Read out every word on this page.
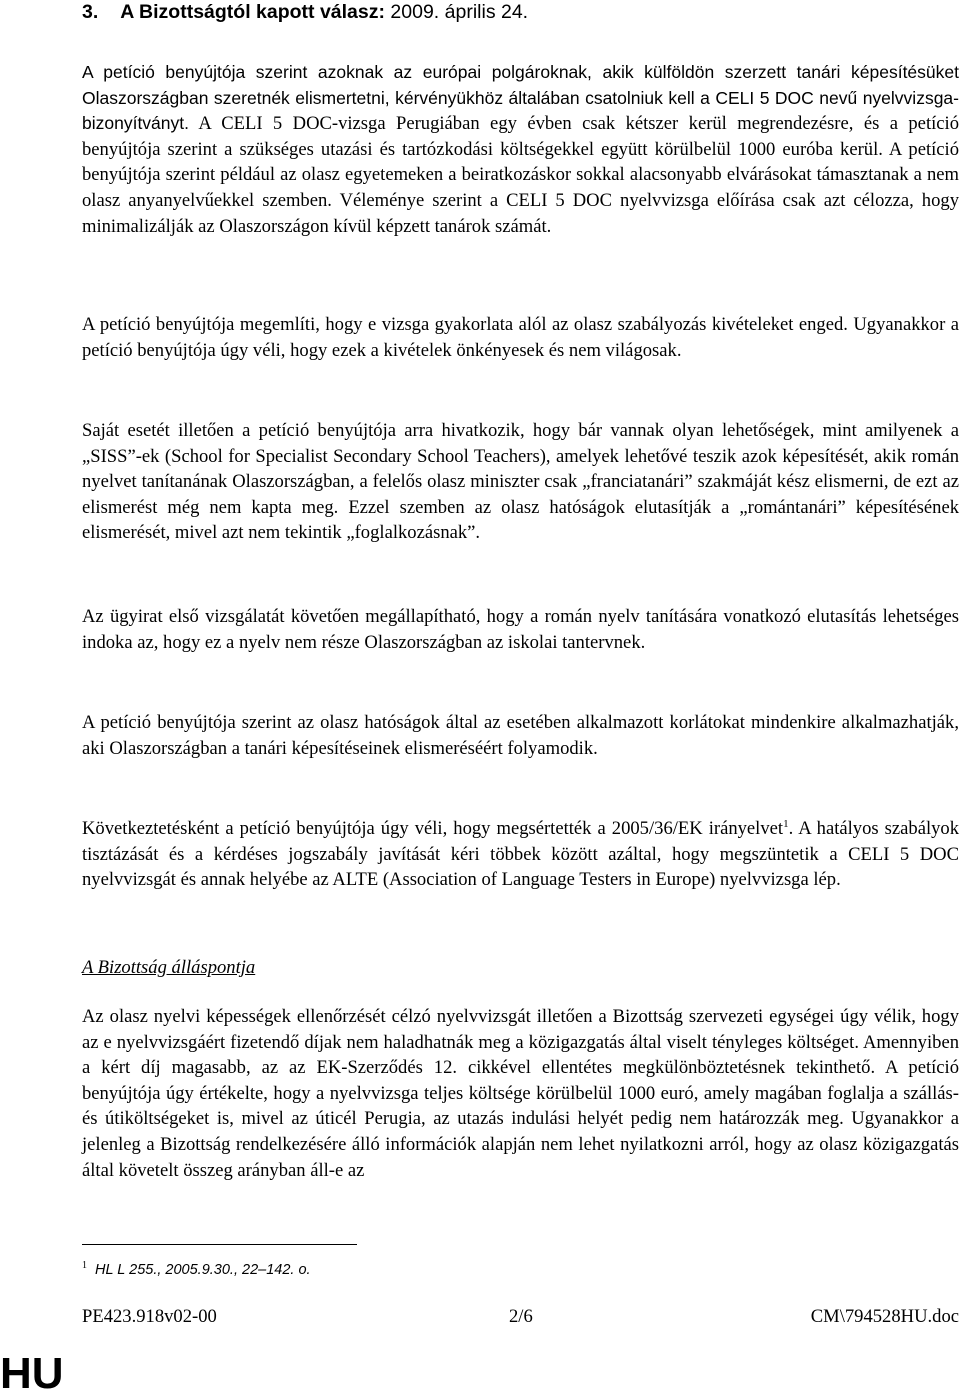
3. A Bizottságtól kapott válasz: 2009. április 24.

A petíció benyújtója szerint azoknak az európai polgároknak, akik külföldön szerzett tanári képesítésüket Olaszországban szeretnék elismertetni, kérvényükhöz általában csatolniuk kell a CELI 5 DOC nevű nyelvvizsga-bizonyítványt. A CELI 5 DOC-vizsga Perugiában egy évben csak kétszer kerül megrendezésre, és a petíció benyújtója szerint a szükséges utazási és tartózkodási költségekkel együtt körülbelül 1000 euróba kerül. A petíció benyújtója szerint például az olasz egyetemeken a beiratkozáskor sokkal alacsonyabb elvárásokat támasztanak a nem olasz anyanyelvűekkel szemben. Véleménye szerint a CELI 5 DOC nyelvvizsga előírása csak azt célozza, hogy minimalizálják az Olaszországon kívül képzett tanárok számát.

A petíció benyújtója megemlíti, hogy e vizsga gyakorlata alól az olasz szabályozás kivételeket enged. Ugyanakkor a petíció benyújtója úgy véli, hogy ezek a kivételek önkényesek és nem világosak.

Saját esetét illetően a petíció benyújtója arra hivatkozik, hogy bár vannak olyan lehetőségek, mint amilyenek a „SISS”-ek (School for Specialist Secondary School Teachers), amelyek lehetővé teszik azok képesítését, akik román nyelvet tanítanának Olaszországban, a felelős olasz miniszter csak „franciatanári” szakmáját kész elismerni, de ezt az elismerést még nem kapta meg. Ezzel szemben az olasz hatóságok elutasítják a „romántanári” képesítésének elismerését, mivel azt nem tekintik „foglalkozásnak”.

Az ügyirat első vizsgálatát követően megállapítható, hogy a román nyelv tanítására vonatkozó elutasítás lehetséges indoka az, hogy ez a nyelv nem része Olaszországban az iskolai tantervnek.

A petíció benyújtója szerint az olasz hatóságok által az esetében alkalmazott korlátokat mindenkire alkalmazhatják, aki Olaszországban a tanári képesítéseinek elismeréséért folyamodik.

Következtetésként a petíció benyújtója úgy véli, hogy megsértették a 2005/36/EK irányelvet$^1$. A hatályos szabályok tisztázását és a kérdéses jogszabály javítását kéri többek között azáltal, hogy megszüntetik a CELI 5 DOC nyelvvizsgát és annak helyébe az ALTE (Association of Language Testers in Europe) nyelvvizsga lép.

A Bizottság álláspontja

Az olasz nyelvi képességek ellenőrzését célzó nyelvvizsgát illetően a Bizottság szervezeti egységei úgy vélik, hogy az e nyelvvizsgáért fizetendő díjak nem haladhatnák meg a közigazgatás által viselt tényleges költséget. Amennyiben a kért díj magasabb, az az EK-Szerződés 12. cikkével ellentétes megkülönböztetésnek tekinthető. A petíció benyújtója úgy értékelte, hogy a nyelvvizsga teljes költsége körülbelül 1000 euró, amely magában foglalja a szállás- és útiköltségeket is, mivel az úticél Perugia, az utazás indulási helyét pedig nem határozzák meg. Ugyanakkor a jelenleg a Bizottság rendelkezésére álló információk alapján nem lehet nyilatkozni arról, hogy az olasz közigazgatás által követelt összeg arányban áll-e az

$^1$ HL L 255., 2005.9.30., 22–142. o.
PE423.918v02-00	2/6	CM\794528HU.doc
HU
